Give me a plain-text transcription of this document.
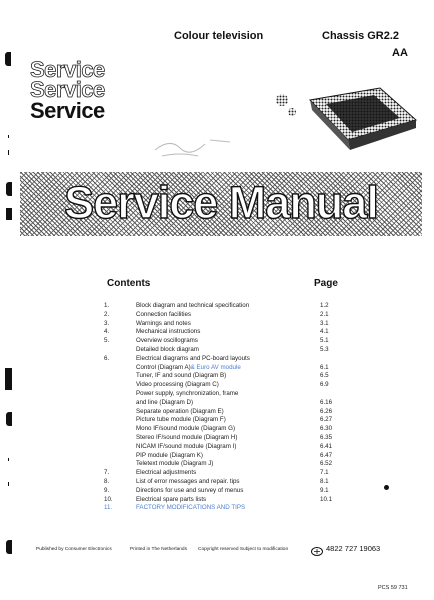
Colour television	Chassis GR2.2
AA
Service
Service
Service
Service Manual
Contents	Page
1.	Block diagram and technical specification	1.2
2.	Connection facilities	2.1
3.	Warnings and notes	3.1
4.	Mechanical instructions	4.1
5.	Overview oscillograms	5.1
Detailed block diagram	5.3
6.	Electrical diagrams and PC-board layouts
Control (Diagram A)& Euro AV module	6.1
Tuner, IF and sound (Diagram B)	6.5
Video processing (Diagram C)	6.9
Power supply, synchronization, frame
and line (Diagram D)	6.16
Separate operation (Diagram E)	6.26
Picture tube module (Diagram F)	6.27
Mono IF/sound module (Diagram G)	6.30
Stereo IF/sound module (Diagram H)	6.35
NICAM IF/sound module (Diagram I)	6.41
PIP module (Diagram K)	6.47
Teletext module (Diagram J)	6.52
7.	Electrical adjustments	7.1
8.	List of error messages and repair. tips	8.1
9.	Directions for use and survey of menus	9.1
10.	Electrical spare parts lists	10.1
11.	FACTORY MODIFICATIONS AND TIPS
Published by Consumer Electronics	Printed in The Netherlands Copyright reserved Subject to modification	4822 727 19063
PCS 59 731
